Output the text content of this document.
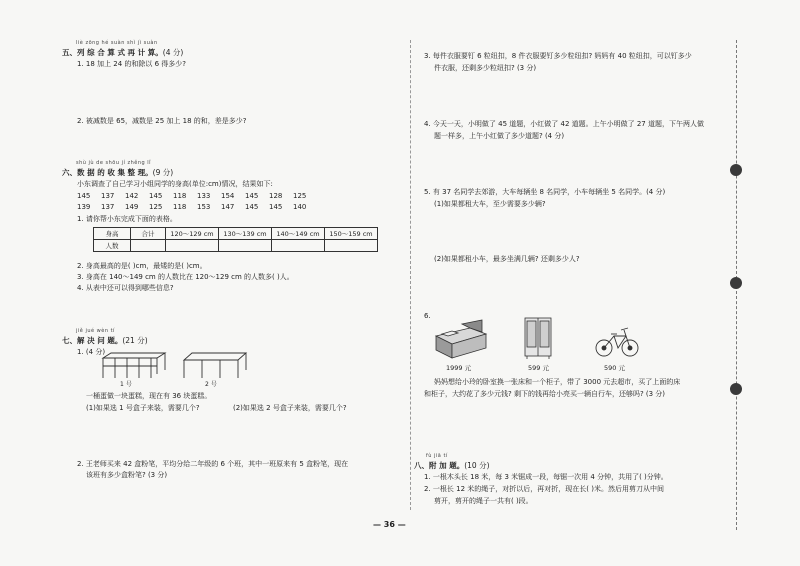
liè zōng hé suàn shì jì suàn
五、列 综 合 算 式 再 计 算。(4 分)
1. 18 加上 24 的和除以 6 得多少?
2. 被减数是 65，减数是 25 加上 18 的和，差是多少?
shù jù de shōu jí zhěng lǐ
六、数 据 的 收 集 整 理。(9 分)
小东调查了自己学习小组同学的身高(单位:cm)情况，结果如下:
145 137 142 145 118 133 154 145 128 125
139 137 149 125 118 153 147 145 145 140
1. 请你帮小东完成下面的表格。
身高	合计	120～129 cm	130～139 cm	140～149 cm	150～159 cm
人数					
2. 身高最高的是( )cm，最矮的是( )cm。
3. 身高在 140～149 cm 的人数比在 120～129 cm 的人数多( )人。
4. 从表中还可以得到哪些信息?
jiě jué wèn tí
七、解 决 问 题。(21 分)
1. (4 分)
1 号	2 号
一桶蛋做一块蛋糕，现在有 36 块蛋糕。
(1)如果选 1 号盒子来装，需要几个?	(2)如果选 2 号盒子来装，需要几个?
2. 王老师买来 42 盒粉笔，平均分给二年级的 6 个班，其中一班原来有 5 盒粉笔，现在
该班有多少盒粉笔? (3 分)
3. 每件衣服要钉 6 粒纽扣，8 件衣服要钉多少粒纽扣? 妈妈有 40 粒纽扣，可以钉多少
件衣服，还剩多少粒纽扣? (3 分)
4. 今天一天，小明做了 45 道题，小红做了 42 道题。上午小明做了 27 道题，下午两人做
题一样多，上午小红做了多少道题? (4 分)
5. 有 37 名同学去郊游，大车每辆坐 8 名同学，小车每辆坐 5 名同学。(4 分)
(1)如果都租大车，至少需要多少辆?
(2)如果都租小车，最多坐满几辆? 还剩多少人?
6.
1999 元	599 元	590 元
妈妈想给小玲的卧室换一张床和一个柜子，带了 3000 元去超市，买了上面的床
和柜子，大约花了多少元钱? 剩下的钱再给小亮买一辆自行车，还够吗? (3 分)
fù jiā tí
八、附 加 题。(10 分)
1. 一根木头长 18 米，每 3 米锯成一段，每锯一次用 4 分钟，共用了( )分钟。
2. 一根长 12 米的绳子，对折以后，再对折，现在长( )米。然后用剪刀从中间
剪开，剪开的绳子一共有( )段。
— 36 —
